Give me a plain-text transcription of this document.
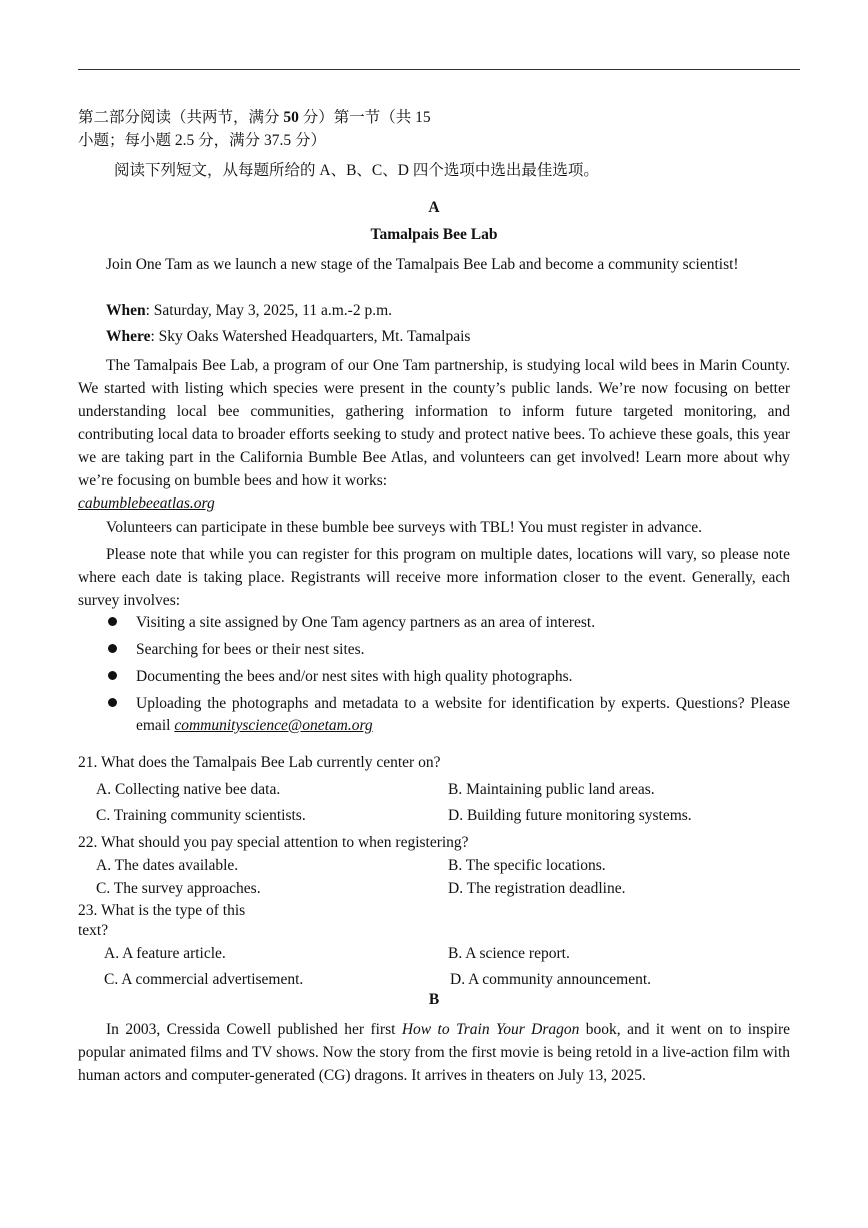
第二部分阅读（共两节，满分 50 分）第一节（共 15
小题；每小题 2.5 分，满分 37.5 分）
阅读下列短文，从每题所给的 A、B、C、D 四个选项中选出最佳选项。
A
Tamalpais Bee Lab
Join One Tam as we launch a new stage of the Tamalpais Bee Lab and become a community scientist!
When: Saturday, May 3, 2025, 11 a.m.-2 p.m.
Where: Sky Oaks Watershed Headquarters, Mt. Tamalpais
The Tamalpais Bee Lab, a program of our One Tam partnership, is studying local wild bees in Marin County. We started with listing which species were present in the county’s public lands. We’re now focusing on better understanding local bee communities, gathering information to inform future targeted monitoring, and contributing local data to broader efforts seeking to study and protect native bees. To achieve these goals, this year we are taking part in the California Bumble Bee Atlas, and volunteers can get involved! Learn more about why we’re focusing on bumble bees and how it works:
cabumblebeeatlas.org
Volunteers can participate in these bumble bee surveys with TBL! You must register in advance.
Please note that while you can register for this program on multiple dates, locations will vary, so please note where each date is taking place. Registrants will receive more information closer to the event. Generally, each survey involves:
Visiting a site assigned by One Tam agency partners as an area of interest.
Searching for bees or their nest sites.
Documenting the bees and/or nest sites with high quality photographs.
Uploading the photographs and metadata to a website for identification by experts. Questions? Please email communityscience@onetam.org
21. What does the Tamalpais Bee Lab currently center on?
A. Collecting native bee data.	B. Maintaining public land areas.
C. Training community scientists.	D. Building future monitoring systems.
22. What should you pay special attention to when registering?
A. The dates available.	B. The specific locations.
C. The survey approaches.	D. The registration deadline.
23. What is the type of this
text?
A. A feature article.	B. A science report.
C. A commercial advertisement.	D. A community announcement.
B
In 2003, Cressida Cowell published her first How to Train Your Dragon book, and it went on to inspire popular animated films and TV shows. Now the story from the first movie is being retold in a live-action film with human actors and computer-generated (CG) dragons. It arrives in theaters on July 13, 2025.
